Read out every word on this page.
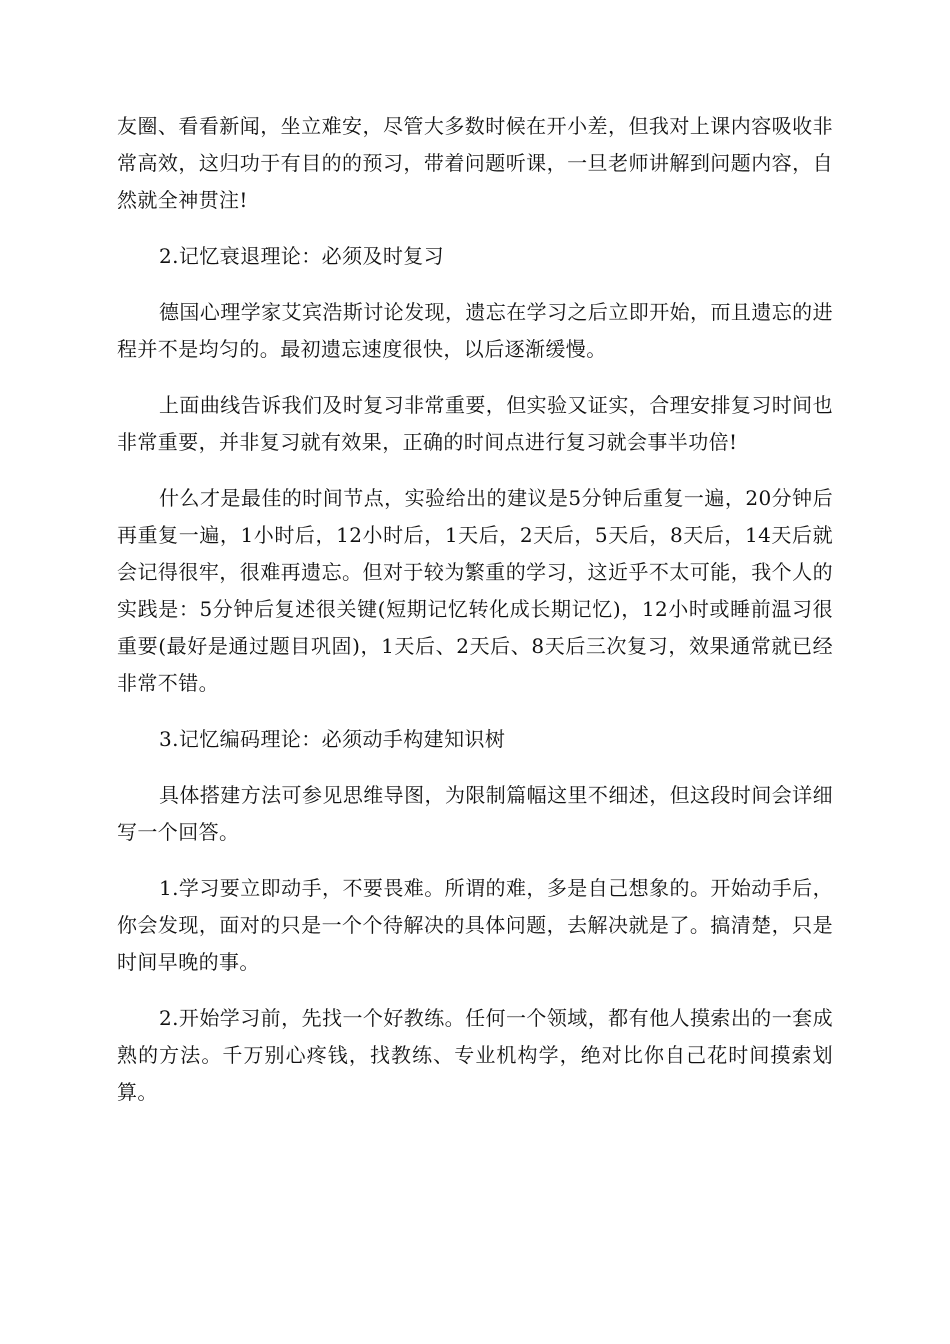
友圈、看看新闻，坐立难安，尽管大多数时候在开小差，但我对上课内容吸收非常高效，这归功于有目的的预习，带着问题听课，一旦老师讲解到问题内容，自然就全神贯注!

2.记忆衰退理论：必须及时复习

德国心理学家艾宾浩斯讨论发现，遗忘在学习之后立即开始，而且遗忘的进程并不是均匀的。最初遗忘速度很快，以后逐渐缓慢。

上面曲线告诉我们及时复习非常重要，但实验又证实，合理安排复习时间也非常重要，并非复习就有效果，正确的时间点进行复习就会事半功倍!

什么才是最佳的时间节点，实验给出的建议是5分钟后重复一遍，20分钟后再重复一遍，1小时后，12小时后，1天后，2天后，5天后，8天后，14天后就会记得很牢，很难再遗忘。但对于较为繁重的学习，这近乎不太可能，我个人的实践是：5分钟后复述很关键(短期记忆转化成长期记忆)，12小时或睡前温习很重要(最好是通过题目巩固)，1天后、2天后、8天后三次复习，效果通常就已经非常不错。

3.记忆编码理论：必须动手构建知识树

具体搭建方法可参见思维导图，为限制篇幅这里不细述，但这段时间会详细写一个回答。

1.学习要立即动手，不要畏难。所谓的难，多是自己想象的。开始动手后，你会发现，面对的只是一个个待解决的具体问题，去解决就是了。搞清楚，只是时间早晚的事。

2.开始学习前，先找一个好教练。任何一个领域，都有他人摸索出的一套成熟的方法。千万别心疼钱，找教练、专业机构学，绝对比你自己花时间摸索划算。
